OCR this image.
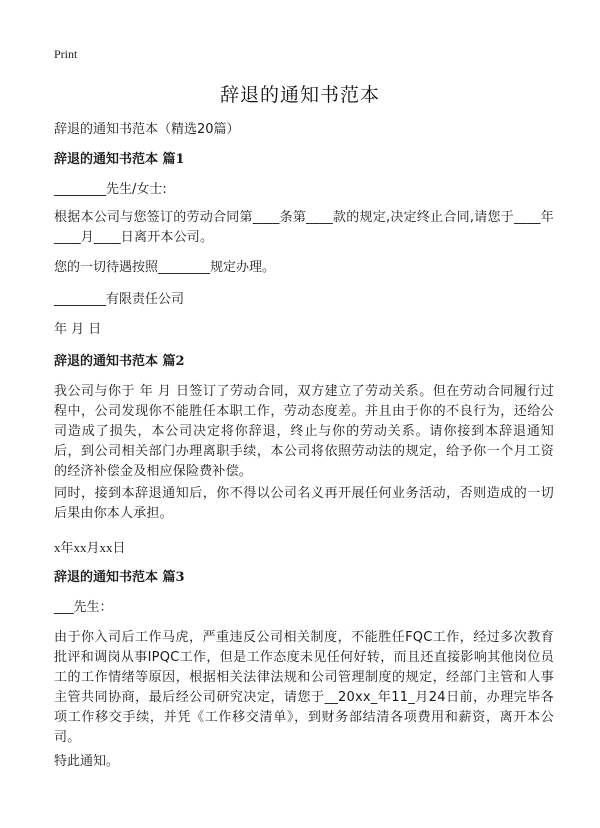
Print
辞退的通知书范本
辞退的通知书范本（精选20篇）
辞退的通知书范本 篇1
________先生/女士:
根据本公司与您签订的劳动合同第____条第____款的规定,决定终止合同,请您于____年____月____日离开本公司。
您的一切待遇按照________规定办理。
________有限责任公司
年 月 日
辞退的通知书范本 篇2
我公司与你于 年 月 日签订了劳动合同，双方建立了劳动关系。但在劳动合同履行过程中，公司发现你不能胜任本职工作，劳动态度差。并且由于你的不良行为，还给公司造成了损失，本公司决定将你辞退，终止与你的劳动关系。请你接到本辞退通知后，到公司相关部门办理离职手续，本公司将依照劳动法的规定，给予你一个月工资的经济补偿金及相应保险费补偿。
同时，接到本辞退通知后，你不得以公司名义再开展任何业务活动，否则造成的一切后果由你本人承担。
x年xx月xx日
辞退的通知书范本 篇3
___先生：
由于你入司后工作马虎，严重违反公司相关制度，不能胜任FQC工作，经过多次教育批评和调岗从事IPQC工作，但是工作态度未见任何好转，而且还直接影响其他岗位员工的工作情绪等原因，根据相关法律法规和公司管理制度的规定，经部门主管和人事主管共同协商，最后经公司研究决定，请您于__20xx_年11_月24日前，办理完毕各项工作移交手续，并凭《工作移交清单》，到财务部结清各项费用和薪资，离开本公司。
特此通知。
